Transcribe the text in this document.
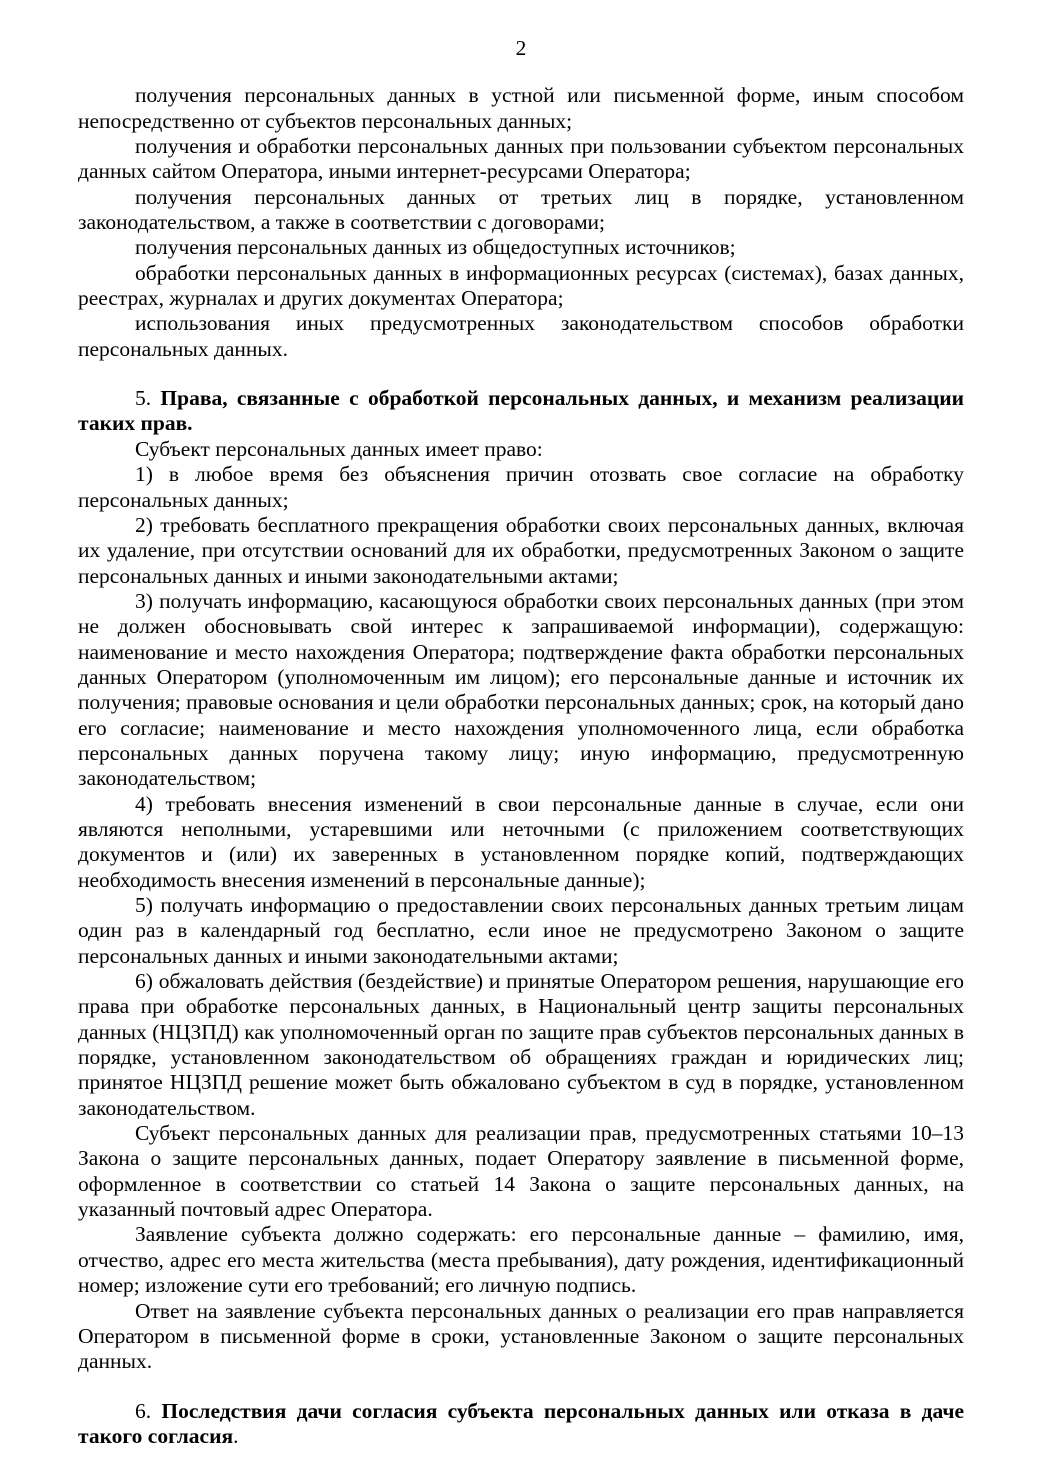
2

получения персональных данных в устной или письменной форме, иным способом непосредственно от субъектов персональных данных;

получения и обработки персональных данных при пользовании субъектом персональных данных сайтом Оператора, иными интернет-ресурсами Оператора;

получения персональных данных от третьих лиц в порядке, установленном законодательством, а также в соответствии с договорами;

получения персональных данных из общедоступных источников;

обработки персональных данных в информационных ресурсах (системах), базах данных, реестрах, журналах и других документах Оператора;

использования иных предусмотренных законодательством способов обработки персональных данных.

5. Права, связанные с обработкой персональных данных, и механизм реализации таких прав.

Субъект персональных данных имеет право:

1) в любое время без объяснения причин отозвать свое согласие на обработку персональных данных;

2) требовать бесплатного прекращения обработки своих персональных данных, включая их удаление, при отсутствии оснований для их обработки, предусмотренных Законом о защите персональных данных и иными законодательными актами;

3) получать информацию, касающуюся обработки своих персональных данных (при этом не должен обосновывать свой интерес к запрашиваемой информации), содержащую: наименование и место нахождения Оператора; подтверждение факта обработки персональных данных Оператором (уполномоченным им лицом); его персональные данные и источник их получения; правовые основания и цели обработки персональных данных; срок, на который дано его согласие; наименование и место нахождения уполномоченного лица, если обработка персональных данных поручена такому лицу; иную информацию, предусмотренную законодательством;

4) требовать внесения изменений в свои персональные данные в случае, если они являются неполными, устаревшими или неточными (с приложением соответствующих документов и (или) их заверенных в установленном порядке копий, подтверждающих необходимость внесения изменений в персональные данные);

5) получать информацию о предоставлении своих персональных данных третьим лицам один раз в календарный год бесплатно, если иное не предусмотрено Законом о защите персональных данных и иными законодательными актами;

6) обжаловать действия (бездействие) и принятые Оператором решения, нарушающие его права при обработке персональных данных, в Национальный центр защиты персональных данных (НЦЗПД) как уполномоченный орган по защите прав субъектов персональных данных в порядке, установленном законодательством об обращениях граждан и юридических лиц; принятое НЦЗПД решение может быть обжаловано субъектом в суд в порядке, установленном законодательством.

Субъект персональных данных для реализации прав, предусмотренных статьями 10–13 Закона о защите персональных данных, подает Оператору заявление в письменной форме, оформленное в соответствии со статьей 14 Закона о защите персональных данных, на указанный почтовый адрес Оператора.

Заявление субъекта должно содержать: его персональные данные – фамилию, имя, отчество, адрес его места жительства (места пребывания), дату рождения, идентификационный номер; изложение сути его требований; его личную подпись.

Ответ на заявление субъекта персональных данных о реализации его прав направляется Оператором в письменной форме в сроки, установленные Законом о защите персональных данных.

6. Последствия дачи согласия субъекта персональных данных или отказа в даче такого согласия.
